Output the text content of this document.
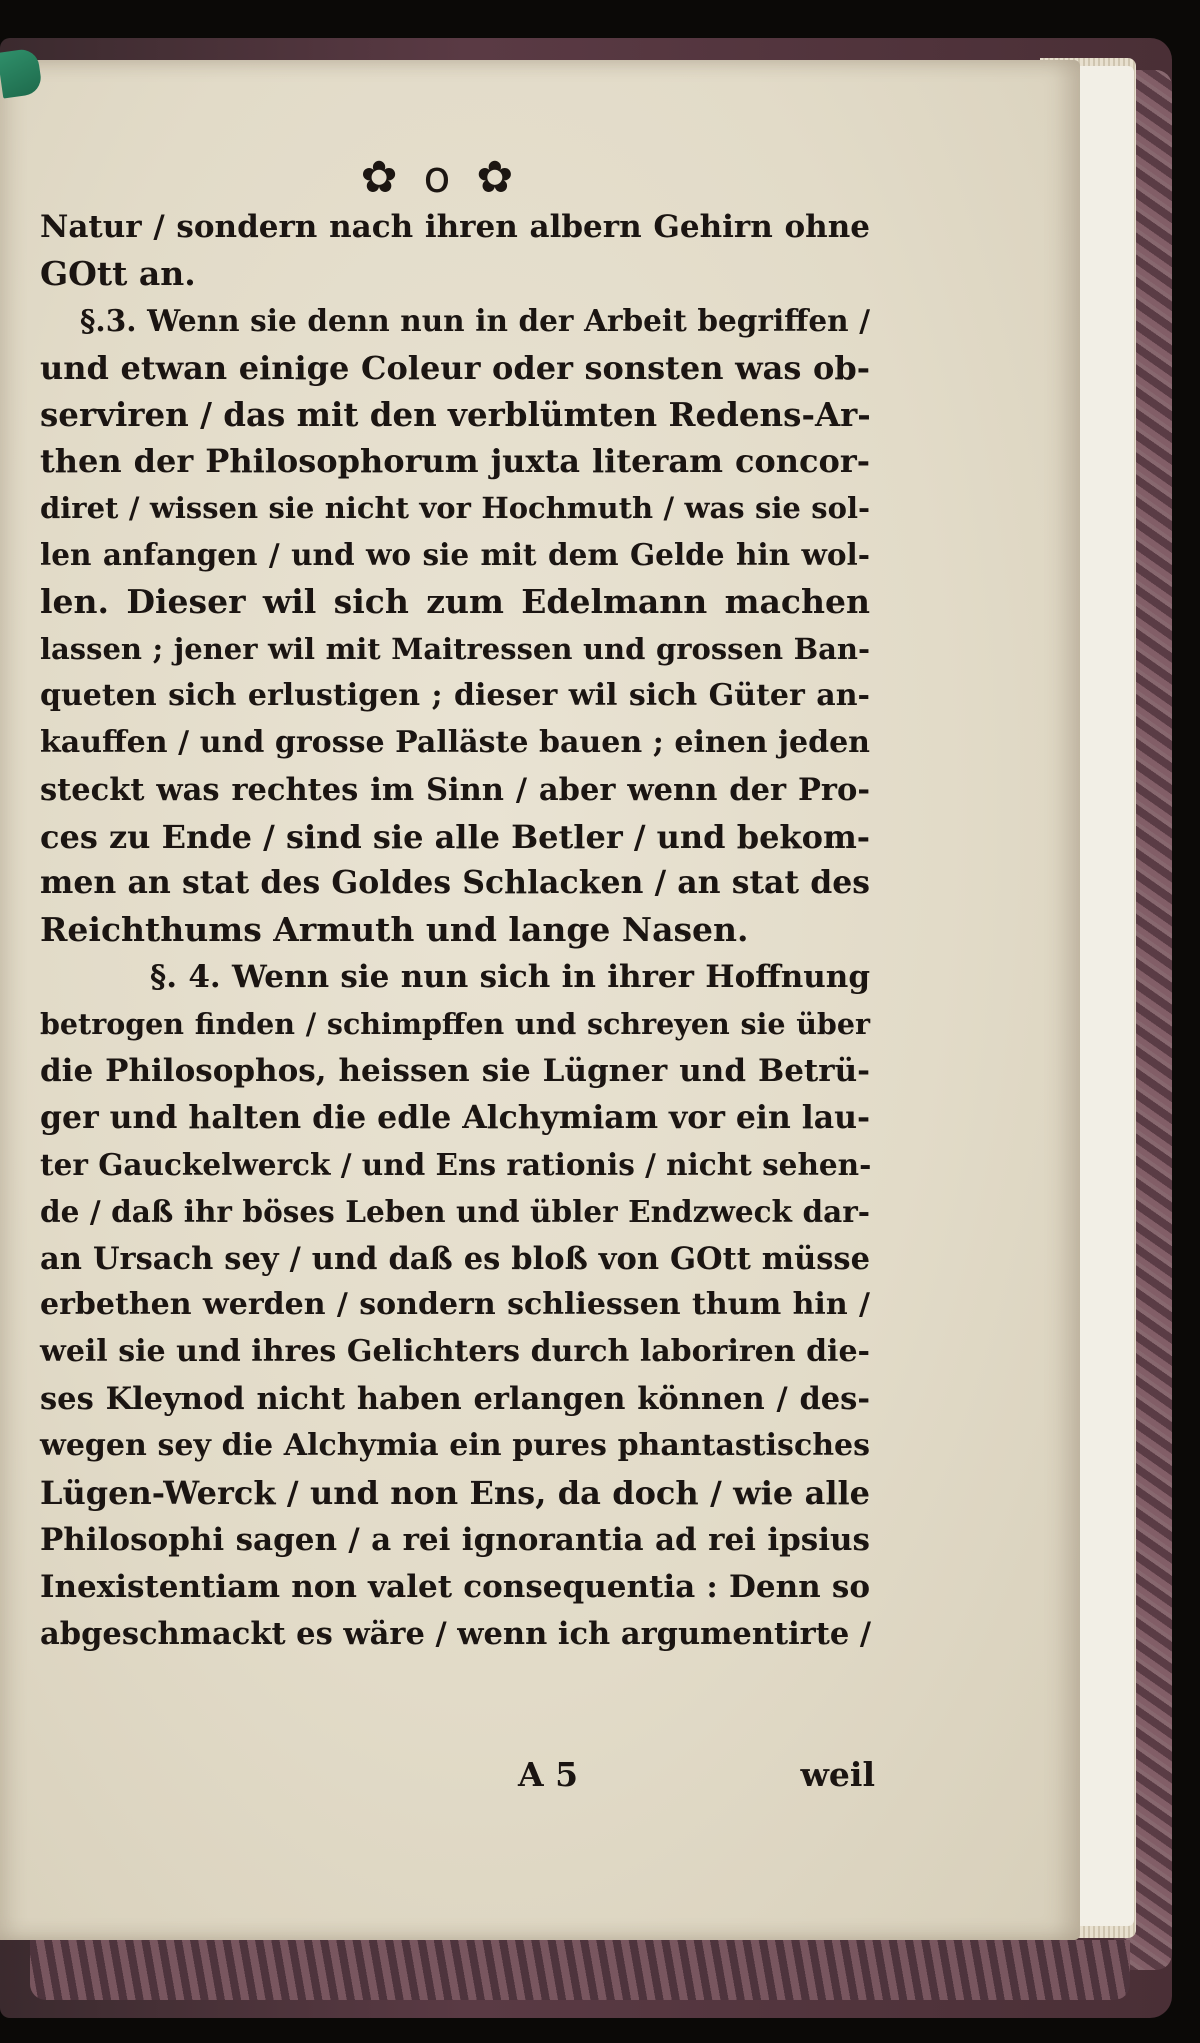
✿ o ✿
Natur / sondern nach ihren albern Gehirn ohne
GOtt an.
§.3. Wenn sie denn nun in der Arbeit begriffen /
und etwan einige Coleur oder sonsten was ob-
serviren / das mit den verblümten Redens-Ar-
then der Philosophorum juxta literam concor-
diret / wissen sie nicht vor Hochmuth / was sie sol-
len anfangen / und wo sie mit dem Gelde hin wol-
len. Dieser wil sich zum Edelmann machen
lassen ; jener wil mit Maitressen und grossen Ban-
queten sich erlustigen ; dieser wil sich Güter an-
kauffen / und grosse Palläste bauen ; einen jeden
steckt was rechtes im Sinn / aber wenn der Pro-
ces zu Ende / sind sie alle Betler / und bekom-
men an stat des Goldes Schlacken / an stat des
Reichthums Armuth und lange Nasen.
§. 4. Wenn sie nun sich in ihrer Hoffnung
betrogen finden / schimpffen und schreyen sie über
die Philosophos, heissen sie Lügner und Betrü-
ger und halten die edle Alchymiam vor ein lau-
ter Gauckelwerck / und Ens rationis / nicht sehen-
de / daß ihr böses Leben und übler Endzweck dar-
an Ursach sey / und daß es bloß von GOtt müsse
erbethen werden / sondern schliessen thum hin /
weil sie und ihres Gelichters durch laboriren die-
ses Kleynod nicht haben erlangen können / des-
wegen sey die Alchymia ein pures phantastisches
Lügen-Werck / und non Ens, da doch / wie alle
Philosophi sagen / a rei ignorantia ad rei ipsius
Inexistentiam non valet consequentia : Denn so
abgeschmackt es wäre / wenn ich argumentirte /
A 5	weil
